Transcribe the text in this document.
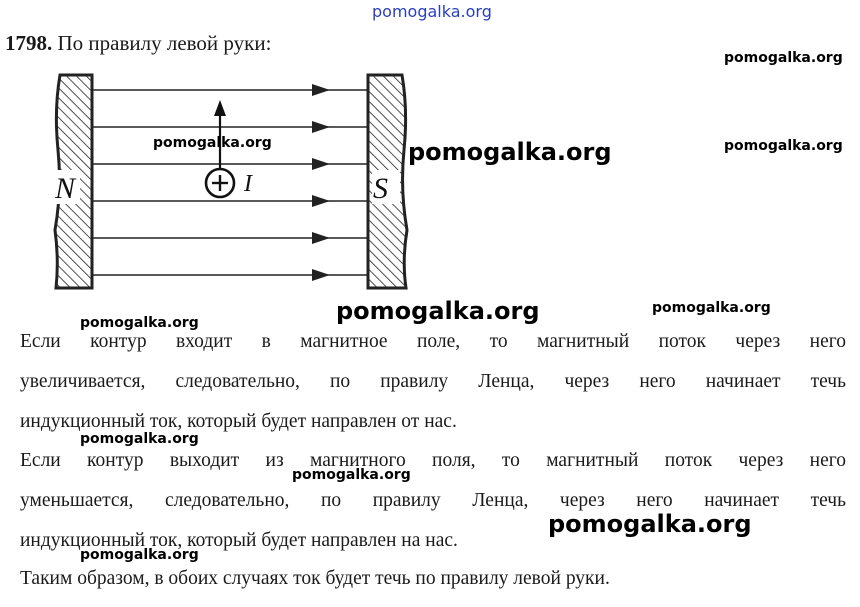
pomogalka.org
1798. По правилу левой руки:
N	S
I
Если контур входит в магнитное поле, то магнитный поток через него
увеличивается, следовательно, по правилу Ленца, через него начинает течь
индукционный ток, который будет направлен от нас.
Если контур выходит из магнитного поля, то магнитный поток через него
уменьшается, следовательно, по правилу Ленца, через него начинает течь
индукционный ток, который будет направлен на нас.
Таким образом, в обоих случаях ток будет течь по правилу левой руки.
pomogalka.org
pomogalka.org
pomogalka.org	pomogalka.org
pomogalka.org	pomogalka.org
pomogalka.org
pomogalka.org
pomogalka.org
pomogalka.org
pomogalka.org
